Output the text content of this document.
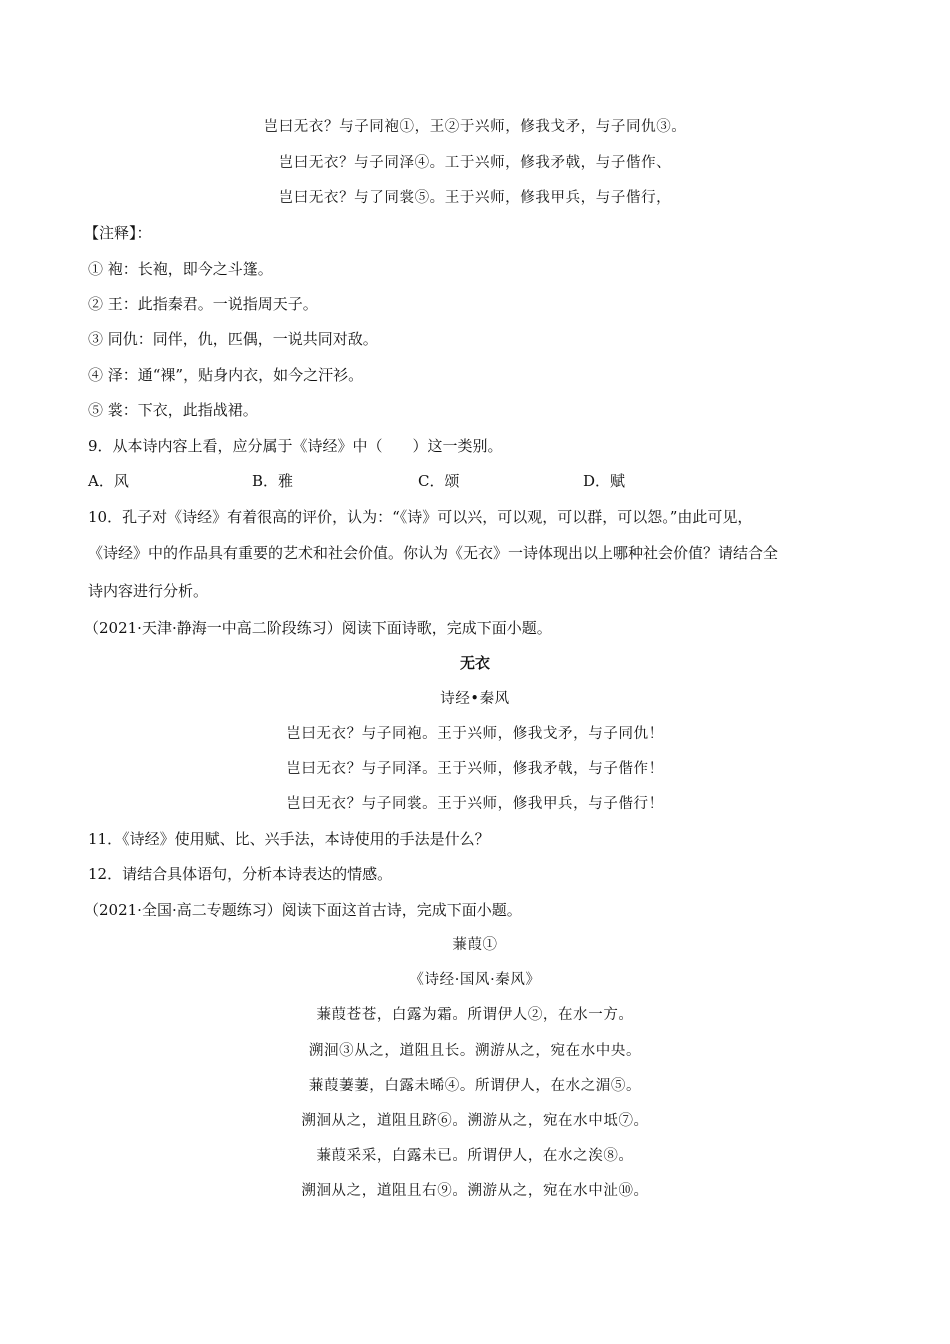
岂曰无衣？与子同袍①，王②于兴师，修我戈矛，与子同仇③。
岂曰无衣？与子同泽④。工于兴师，修我矛戟，与子偕作、
岂曰无衣？与了同裳⑤。王于兴师，修我甲兵，与子偕行，
【注释】：
① 袍：长袍，即今之斗篷。
② 王：此指秦君。一说指周天子。
③ 同仇：同伴，仇，匹偶，一说共同对敌。
④ 泽：通“裸”，贴身内衣，如今之汗衫。
⑤ 裳：下衣，此指战裙。
9．从本诗内容上看，应分属于《诗经》中（　　）这一类别。
A．风	B．雅	C．颂	D．赋
10．孔子对《诗经》有着很高的评价，认为：“《诗》可以兴，可以观，可以群，可以怨。”由此可见，
《诗经》中的作品具有重要的艺术和社会价值。你认为《无衣》一诗体现出以上哪种社会价值？请结合全
诗内容进行分析。
（2021·天津·静海一中高二阶段练习）阅读下面诗歌，完成下面小题。
无衣
诗经•秦风
岂曰无衣？与子同袍。王于兴师，修我戈矛，与子同仇！
岂曰无衣？与子同泽。王于兴师，修我矛戟，与子偕作！
岂曰无衣？与子同裳。王于兴师，修我甲兵，与子偕行！
11．《诗经》使用赋、比、兴手法，本诗使用的手法是什么？
12．请结合具体语句，分析本诗表达的情感。
（2021·全国·高二专题练习）阅读下面这首古诗，完成下面小题。
蒹葭①
《诗经·国风·秦风》
蒹葭苍苍，白露为霜。所谓伊人②，在水一方。
溯洄③从之，道阻且长。溯游从之，宛在水中央。
蒹葭萋萋，白露未晞④。所谓伊人，在水之湄⑤。
溯洄从之，道阻且跻⑥。溯游从之，宛在水中坻⑦。
蒹葭采采，白露未已。所谓伊人，在水之涘⑧。
溯洄从之，道阻且右⑨。溯游从之，宛在水中沚⑩。
